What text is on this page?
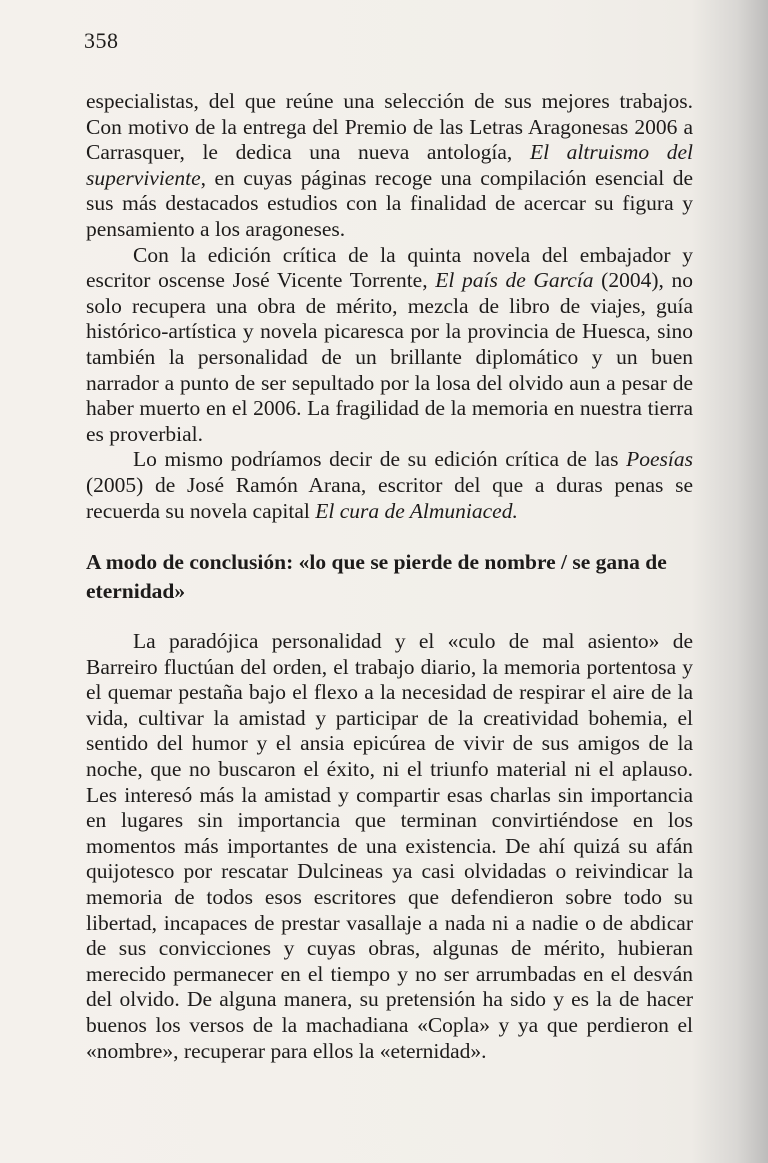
358

especialistas, del que reúne una selección de sus mejores trabajos. Con motivo de la entrega del Premio de las Letras Aragonesas 2006 a Carrasquer, le dedica una nueva antología, El altruismo del superviviente, en cuyas páginas recoge una compilación esencial de sus más destacados estudios con la finalidad de acercar su figura y pensamiento a los aragoneses.

Con la edición crítica de la quinta novela del embajador y escritor oscense José Vicente Torrente, El país de García (2004), no solo recupera una obra de mérito, mezcla de libro de viajes, guía histórico-artística y novela picaresca por la provincia de Huesca, sino también la personalidad de un brillante diplomático y un buen narrador a punto de ser sepultado por la losa del olvido aun a pesar de haber muerto en el 2006. La fragilidad de la memoria en nuestra tierra es proverbial.

Lo mismo podríamos decir de su edición crítica de las Poesías (2005) de José Ramón Arana, escritor del que a duras penas se recuerda su novela capital El cura de Almuniaced.

A modo de conclusión: «lo que se pierde de nombre / se gana de eternidad»

La paradójica personalidad y el «culo de mal asiento» de Barreiro fluctúan del orden, el trabajo diario, la memoria portentosa y el quemar pestaña bajo el flexo a la necesidad de respirar el aire de la vida, cultivar la amistad y participar de la creatividad bohemia, el sentido del humor y el ansia epicúrea de vivir de sus amigos de la noche, que no buscaron el éxito, ni el triunfo material ni el aplauso. Les interesó más la amistad y compartir esas charlas sin importancia en lugares sin importancia que terminan convirtiéndose en los momentos más importantes de una existencia. De ahí quizá su afán quijotesco por rescatar Dulcineas ya casi olvidadas o reivindicar la memoria de todos esos escritores que defendieron sobre todo su libertad, incapaces de prestar vasallaje a nada ni a nadie o de abdicar de sus convicciones y cuyas obras, algunas de mérito, hubieran merecido permanecer en el tiempo y no ser arrumbadas en el desván del olvido. De alguna manera, su pretensión ha sido y es la de hacer buenos los versos de la machadiana «Copla» y ya que perdieron el «nombre», recuperar para ellos la «eternidad».
